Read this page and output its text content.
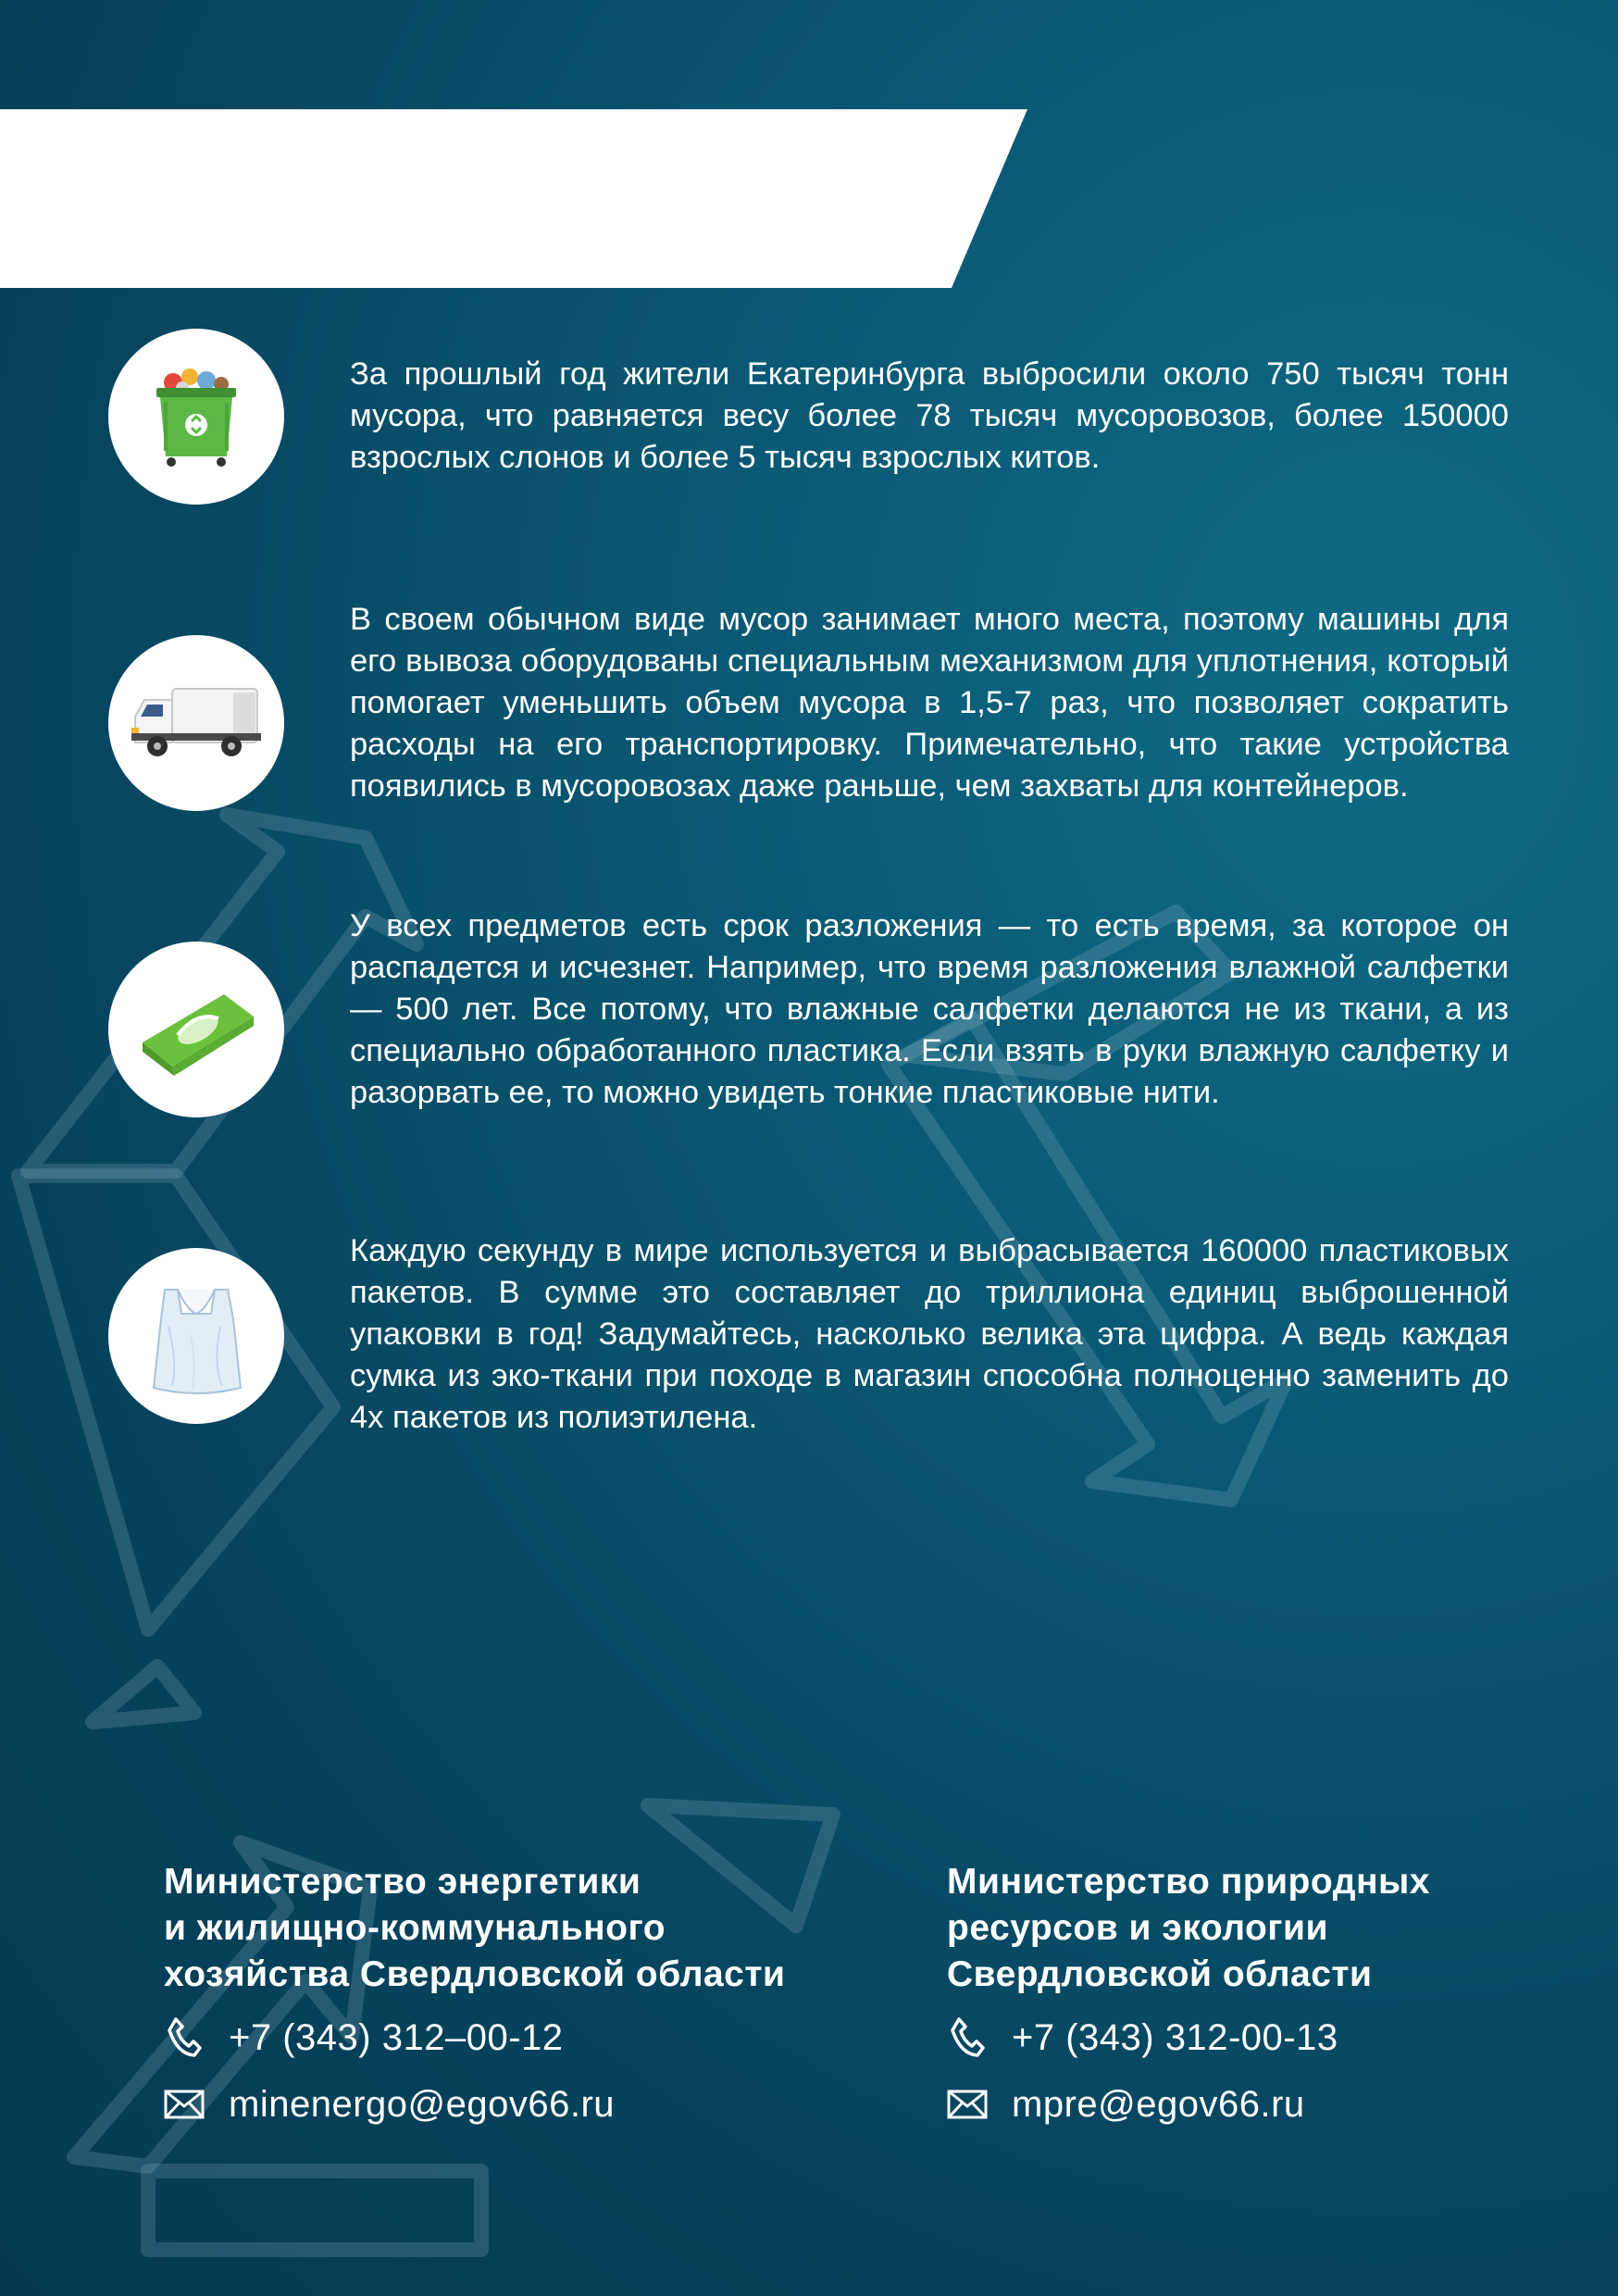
За прошлый год жители Екатеринбурга выбросили около 750 тысяч тонн мусора, что равняется весу более 78 тысяч мусоровозов, более 150000 взрослых слонов и более 5 тысяч взрослых китов.

В своем обычном виде мусор занимает много места, поэтому машины для его вывоза оборудованы специальным механизмом для уплотнения, который помогает уменьшить объем мусора в 1,5-7 раз, что позволяет сократить расходы на его транспортировку. Примечательно, что такие устройства появились в мусоровозах даже раньше, чем захваты для контейнеров.

У всех предметов есть срок разложения — то есть время, за которое он распадется и исчезнет. Например, что время разложения влажной салфетки — 500 лет. Все потому, что влажные салфетки делаются не из ткани, а из специально обработанного пластика. Если взять в руки влажную салфетку и разорвать ее, то можно увидеть тонкие пластиковые нити.

Каждую секунду в мире используется и выбрасывается 160000 пластиковых пакетов. В сумме это составляет до триллиона единиц выброшенной упаковки в год! Задумайтесь, насколько велика эта цифра. А ведь каждая сумка из эко-ткани при походе в магазин способна полноценно заменить до 4х пакетов из полиэтилена.

Министерство энергетики
и жилищно-коммунального
хозяйства Свердловской области

+7 (343) 312–00-12
minenergo@egov66.ru

Министерство природных
ресурсов и экологии
Свердловской области

+7 (343) 312-00-13
mpre@egov66.ru
